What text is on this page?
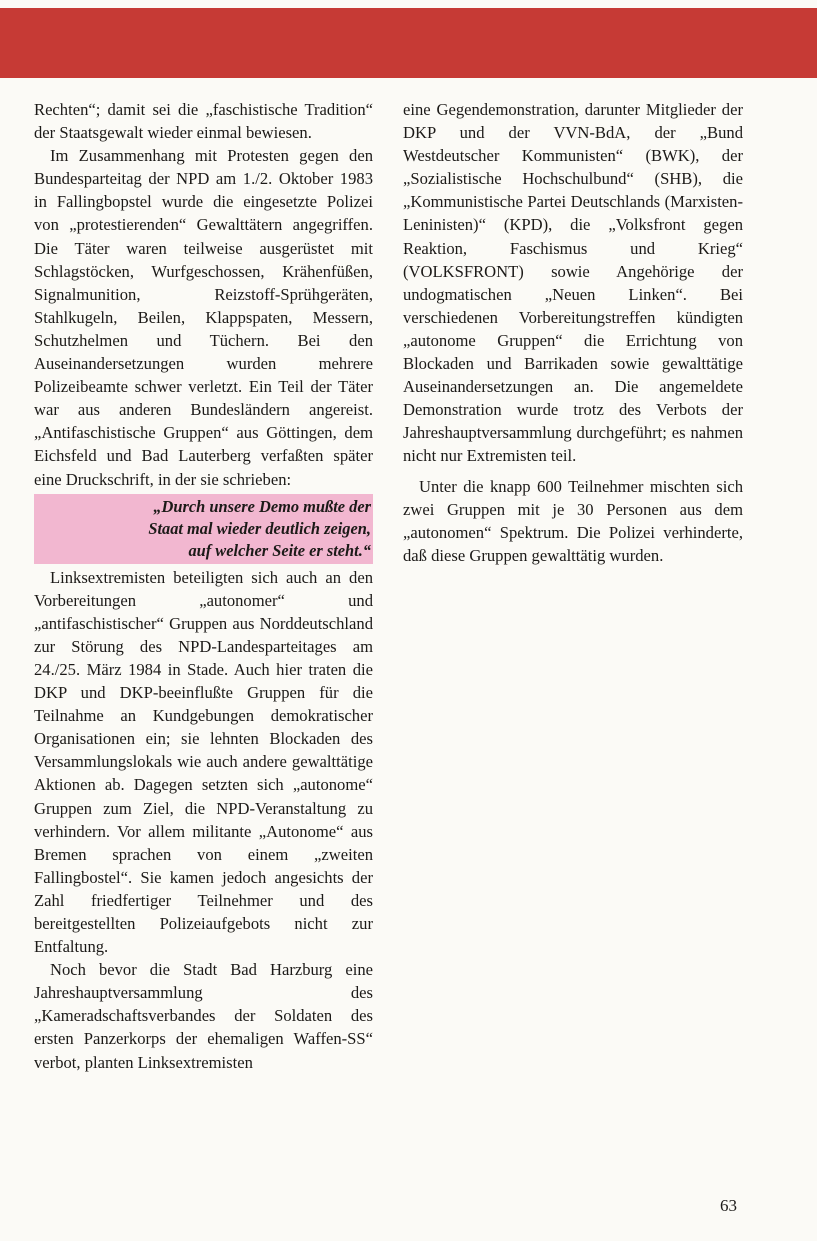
Rechten“; damit sei die „faschistische Tradition“ der Staatsgewalt wieder einmal bewiesen.

Im Zusammenhang mit Protesten gegen den Bundesparteitag der NPD am 1./2. Oktober 1983 in Fallingbopstel wurde die eingesetzte Polizei von „protestierenden“ Gewalttätern angegriffen. Die Täter waren teilweise ausgerüstet mit Schlagstöcken, Wurfgeschossen, Krähenfüßen, Signalmunition, Reizstoff-Sprühgeräten, Stahlkugeln, Beilen, Klappspaten, Messern, Schutzhelmen und Tüchern. Bei den Auseinandersetzungen wurden mehrere Polizeibeamte schwer verletzt. Ein Teil der Täter war aus anderen Bundesländern angereist. „Antifaschistische Gruppen“ aus Göttingen, dem Eichsfeld und Bad Lauterberg verfaßten später eine Druckschrift, in der sie schrieben:

„Durch unsere Demo mußte der
Staat mal wieder deutlich zeigen,
auf welcher Seite er steht.“

Linksextremisten beteiligten sich auch an den Vorbereitungen „autonomer“ und „antifaschistischer“ Gruppen aus Norddeutschland zur Störung des NPD-Landesparteitages am 24./25. März 1984 in Stade. Auch hier traten die DKP und DKP-beeinflußte Gruppen für die Teilnahme an Kundgebungen demokratischer Organisationen ein; sie lehnten Blockaden des Versammlungslokals wie auch andere gewalttätige Aktionen ab. Dagegen setzten sich „autonome“ Gruppen zum Ziel, die NPD-Veranstaltung zu verhindern. Vor allem militante „Autonome“ aus Bremen sprachen von einem „zweiten Fallingbostel“. Sie kamen jedoch angesichts der Zahl friedfertiger Teilnehmer und des bereitgestellten Polizeiaufgebots nicht zur Entfaltung.

Noch bevor die Stadt Bad Harzburg eine Jahreshauptversammlung des „Kameradschaftsverbandes der Soldaten des ersten Panzerkorps der ehemaligen Waffen-SS“ verbot, planten Linksextremisten

eine Gegendemonstration, darunter Mitglieder der DKP und der VVN-BdA, der „Bund Westdeutscher Kommunisten“ (BWK), der „Sozialistische Hochschulbund“ (SHB), die „Kommunistische Partei Deutschlands (Marxisten-Leninisten)“ (KPD), die „Volksfront gegen Reaktion, Faschismus und Krieg“ (VOLKSFRONT) sowie Angehörige der undogmatischen „Neuen Linken“. Bei verschiedenen Vorbereitungstreffen kündigten „autonome Gruppen“ die Errichtung von Blockaden und Barrikaden sowie gewalttätige Auseinandersetzungen an. Die angemeldete Demonstration wurde trotz des Verbots der Jahreshauptversammlung durchgeführt; es nahmen nicht nur Extremisten teil.

Unter die knapp 600 Teilnehmer mischten sich zwei Gruppen mit je 30 Personen aus dem „autonomen“ Spektrum. Die Polizei verhinderte, daß diese Gruppen gewalttätig wurden.

63
